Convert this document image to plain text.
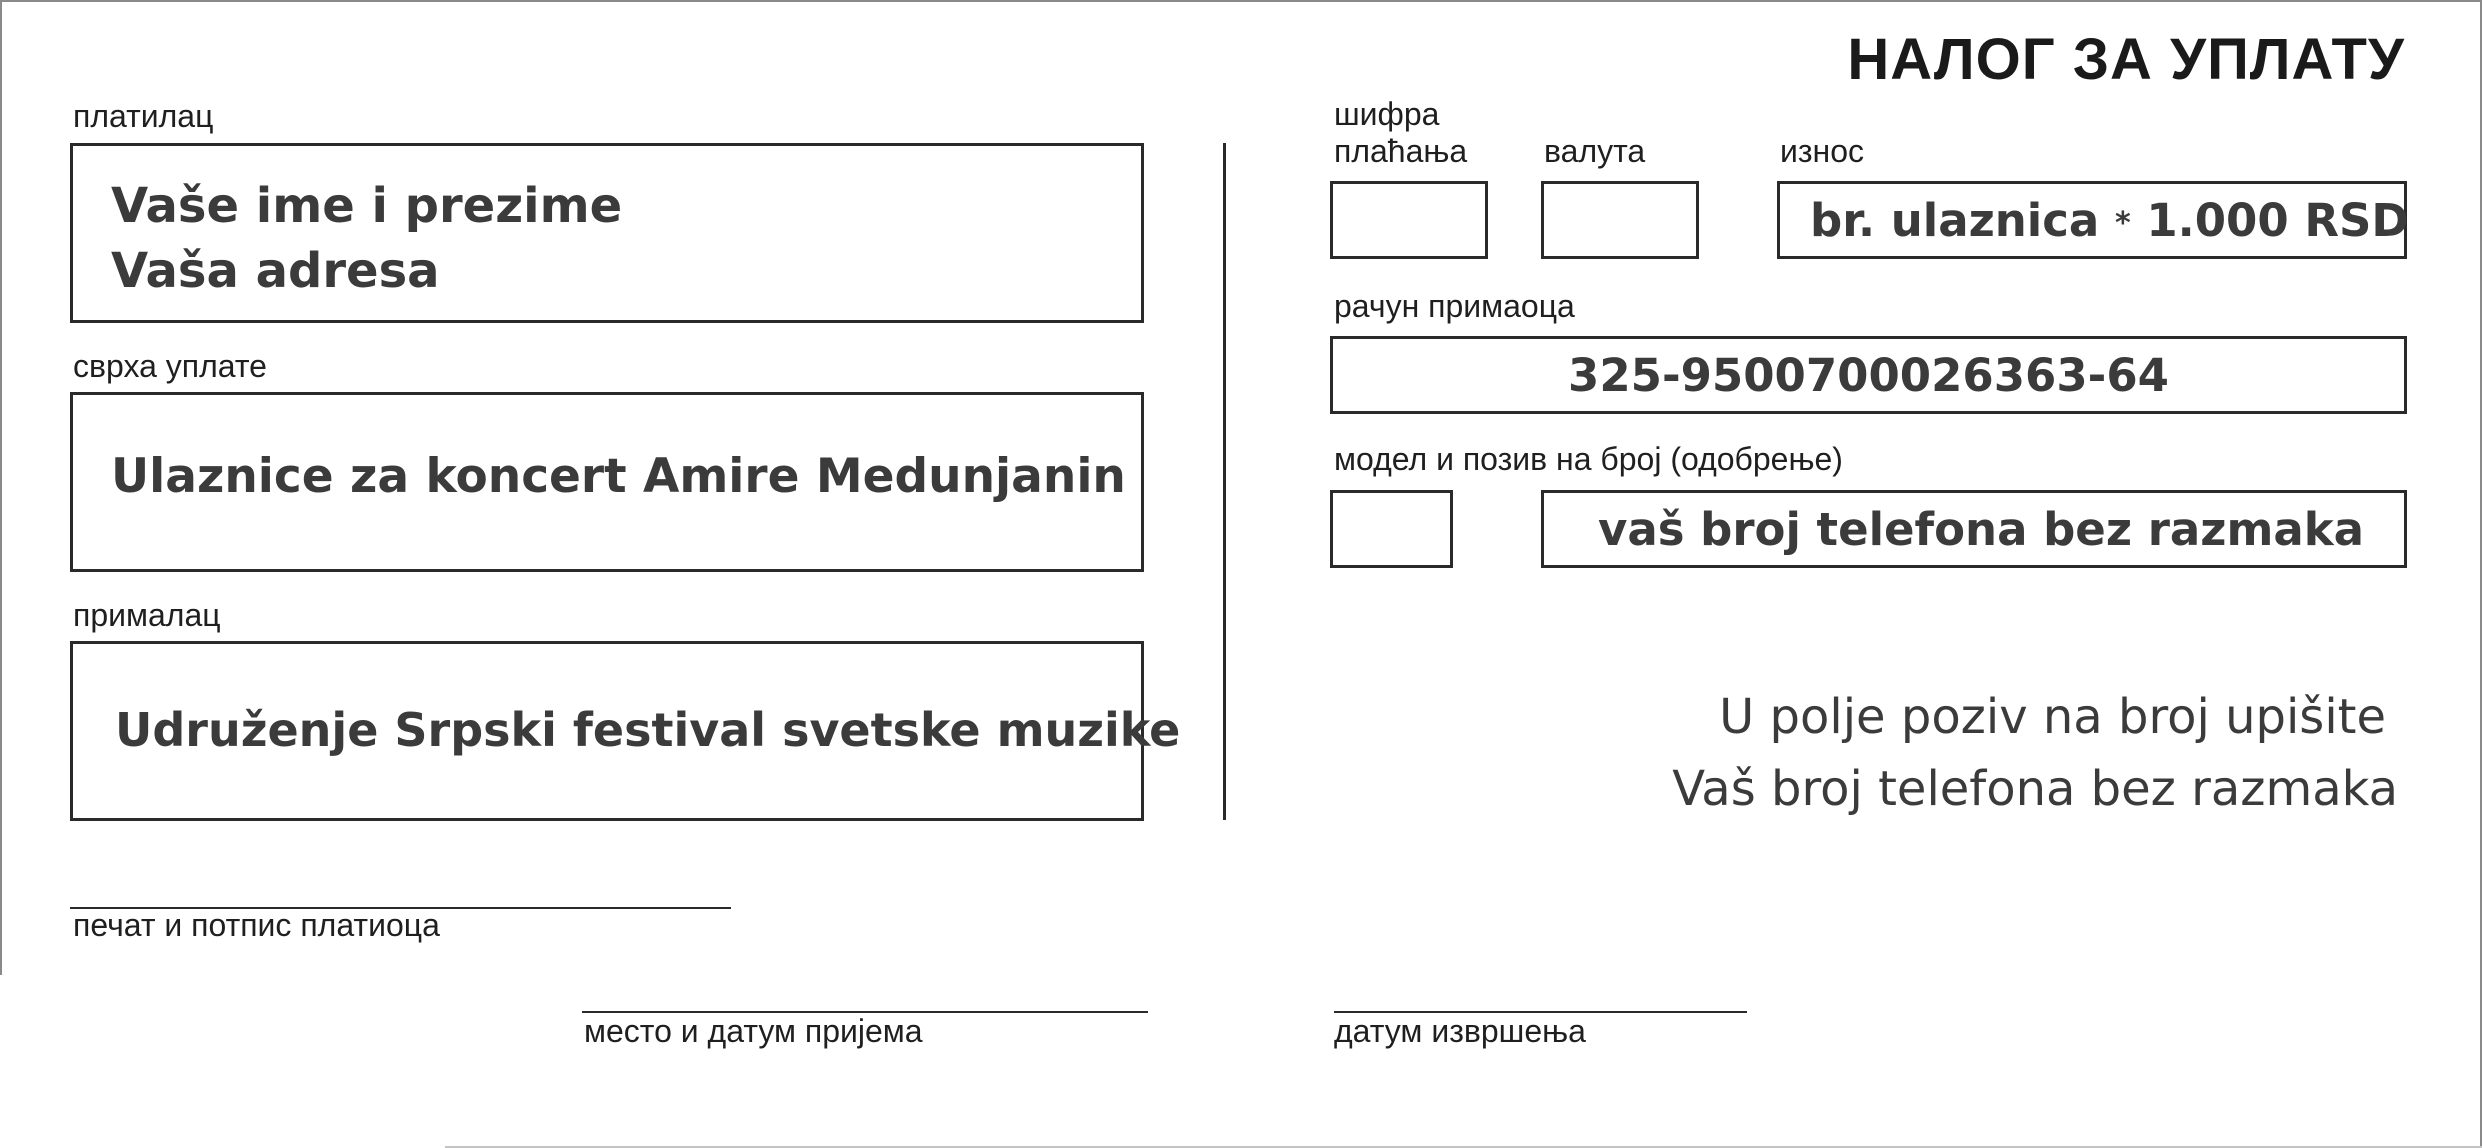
НАЛОГ ЗА УПЛАТУ
платилац
Vaše ime i prezime
Vaša adresa
сврха уплате
Ulaznice za koncert Amire Medunjanin
прималац
Udruženje Srpski festival svetske muzike
печат и потпис платиоца
шифра
плаћања валута	износ
br. ulaznica * 1.000 RSD
рачун примаоца
325-9500700026363-64
модел и позив на број (одобрење)
vaš broj telefona bez razmaka
U polje poziv na broj upišite
Vaš broj telefona bez razmaka
место и датум пријема	датум извршења
